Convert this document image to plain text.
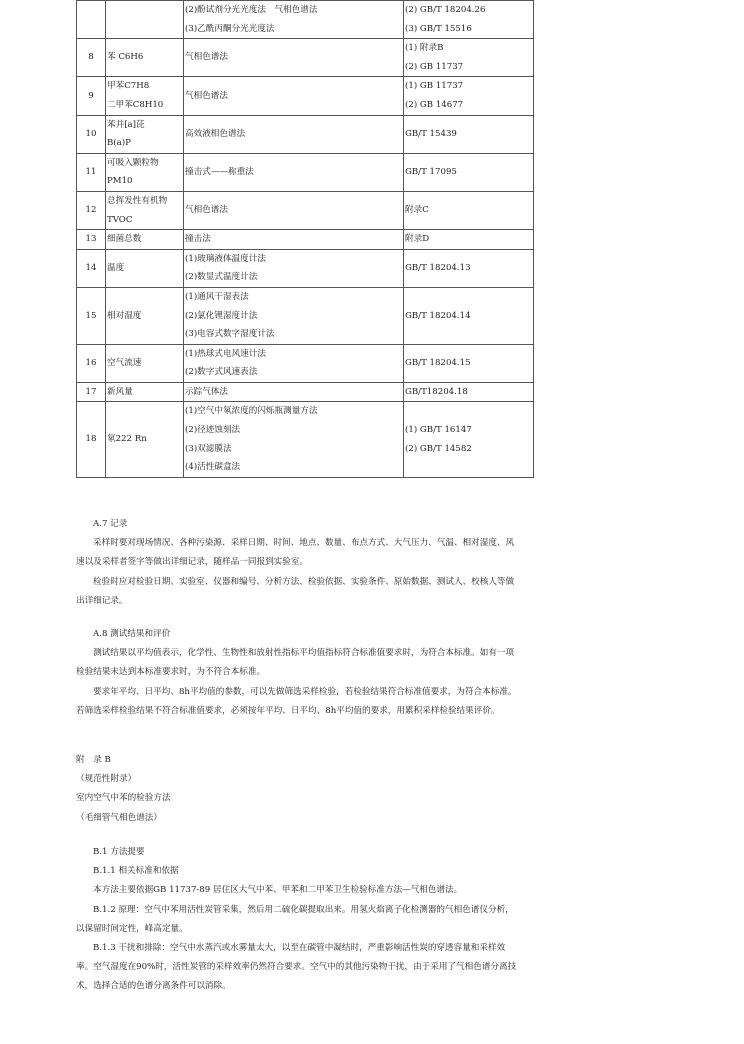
		(2)酚试剂分光光度法　气相色谱法
(3)乙酰丙酮分光光度法	(2) GB/T 18204.26
(3) GB/T 15516

8	苯 C6H6	气相色谱法	(1) 附录B
(2) GB 11737

9	甲苯C7H8
二甲苯C8H10	气相色谱法	(1) GB 11737
(2) GB 14677

10	苯并[a]芘
B(a)P	高效液相色谱法	GB/T 15439

11	可吸入颗粒物
PM10	撞击式——称重法	GB/T 17095

12	总挥发性有机物
TVOC	气相色谱法	附录C

13	细菌总数	撞击法	附录D

14	温度	(1)玻璃液体温度计法
(2)数显式温度计法	GB/T 18204.13

15	相对湿度	(1)通风干湿表法
(2)氯化锂湿度计法
(3)电容式数字湿度计法	GB/T 18204.14

16	空气流速	(1)热球式电风速计法
(2)数字式风速表法	GB/T 18204.15

17	新风量	示踪气体法	GB/T18204.18

18	氡222 Rn	(1)空气中氡浓度的闪烁瓶测量方法
(2)径迹蚀刻法
(3)双滤膜法
(4)活性碳盒法	(1) GB/T 16147
(2) GB/T 14582
A.7 记录
采样时要对现场情况、各种污染源、采样日期、时间、地点、数量、布点方式、大气压力、气温、相对湿度、风
速以及采样者签字等做出详细记录，随样品一同报到实验室。
检验时应对检验日期、实验室、仪器和编号、分析方法、检验依据、实验条件、原始数据、测试人、校核人等做
出详细记录。
A.8 测试结果和评价
测试结果以平均值表示，化学性、生物性和放射性指标平均值指标符合标准值要求时，为符合本标准。如有一项
检验结果未达到本标准要求时，为不符合本标准。
要求年平均、日平均、8h平均值的参数，可以先做筛选采样检验，若检验结果符合标准值要求，为符合本标准。
若筛选采样检验结果不符合标准值要求，必须按年平均、日平均、8h平均值的要求，用累积采样检验结果评价。
附　录 B
（规范性附录）
室内空气中苯的检验方法
（毛细管气相色谱法）
B.1 方法提要
B.1.1 相关标准和依据
本方法主要依据GB 11737-89 居住区大气中苯、甲苯和二甲苯卫生检验标准方法—气相色谱法。
B.1.2 原理：空气中苯用活性炭管采集，然后用二硫化碳提取出来。用氢火焰离子化检测器的气相色谱仪分析，
以保留时间定性，峰高定量。
B.1.3 干扰和排除：空气中水蒸汽或水雾量太大，以至在碳管中凝结时，严重影响活性炭的穿透容量和采样效
率。空气湿度在90%时，活性炭管的采样效率仍然符合要求。空气中的其他污染物干扰，由于采用了气相色谱分离技
术，选择合适的色谱分离条件可以消除。
